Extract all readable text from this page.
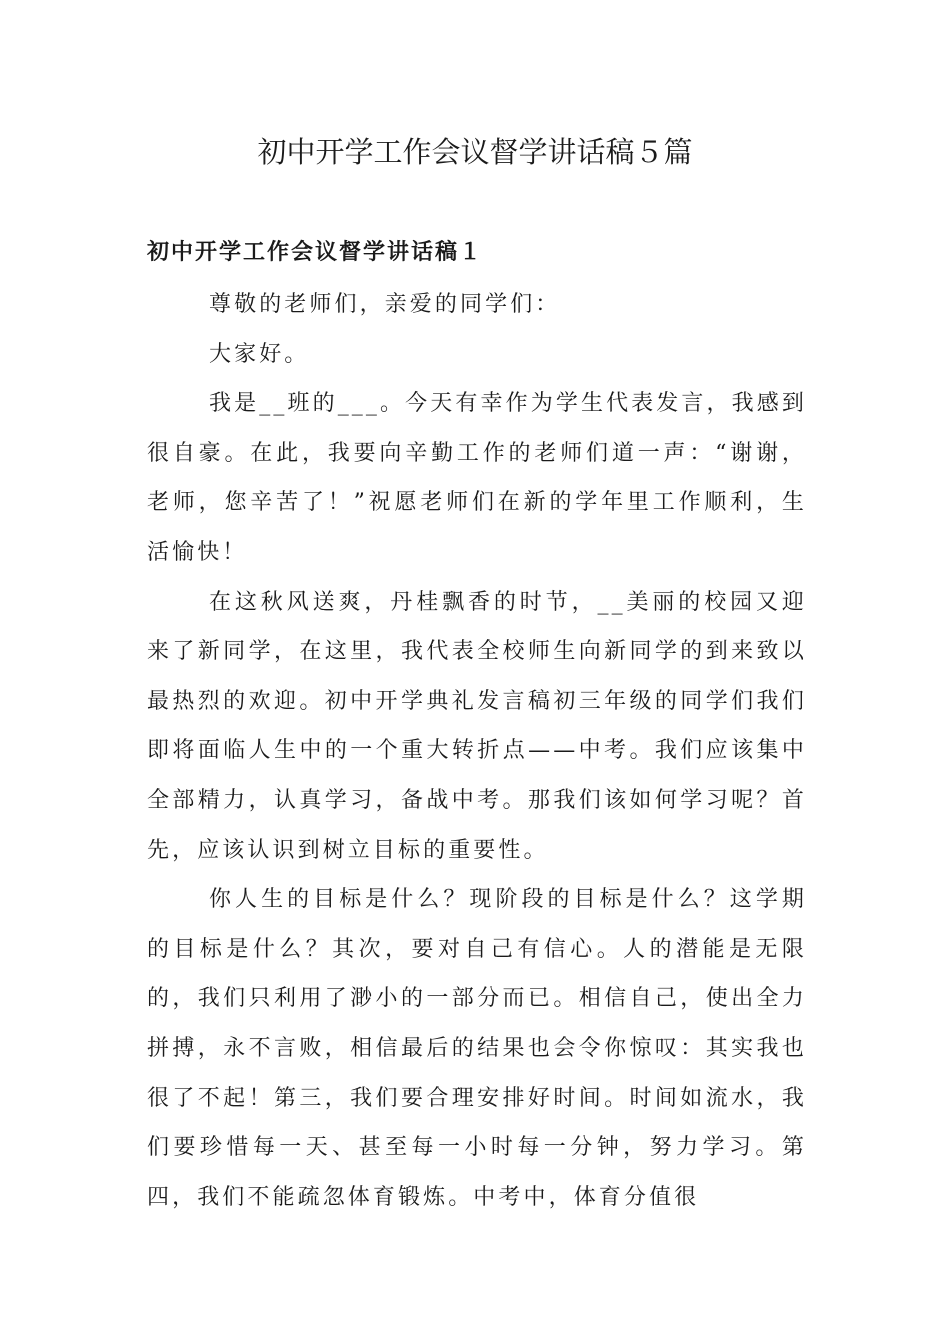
初中开学工作会议督学讲话稿５篇
初中开学工作会议督学讲话稿１

尊敬的老师们，亲爱的同学们：

大家好。

我是__班的___。今天有幸作为学生代表发言，我感到很自豪。在此，我要向辛勤工作的老师们道一声：“谢谢，老师，您辛苦了！”祝愿老师们在新的学年里工作顺利，生活愉快！

在这秋风送爽，丹桂飘香的时节，__美丽的校园又迎来了新同学，在这里，我代表全校师生向新同学的到来致以最热烈的欢迎。初中开学典礼发言稿初三年级的同学们我们即将面临人生中的一个重大转折点——中考。我们应该集中全部精力，认真学习，备战中考。那我们该如何学习呢？首先，应该认识到树立目标的重要性。

你人生的目标是什么？现阶段的目标是什么？这学期的目标是什么？其次，要对自己有信心。人的潜能是无限的，我们只利用了渺小的一部分而已。相信自己，使出全力拼搏，永不言败，相信最后的结果也会令你惊叹：其实我也很了不起！第三，我们要合理安排好时间。时间如流水，我们要珍惜每一天、甚至每一小时每一分钟，努力学习。第四，我们不能疏忽体育锻炼。中考中，体育分值很
